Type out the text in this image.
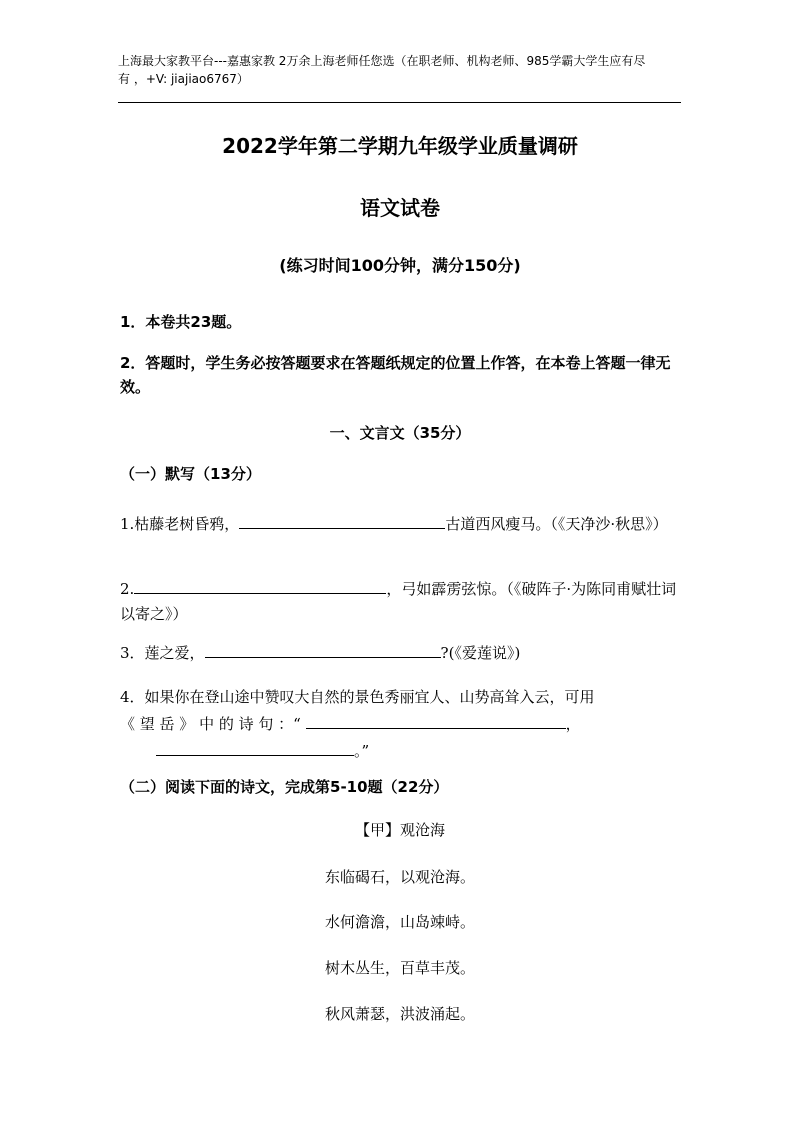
上海最大家教平台---嘉惠家教 2万余上海老师任您选（在职老师、机构老师、985学霸大学生应有尽
有 ，+V: jiajiao6767）
2022学年第二学期九年级学业质量调研
语文试卷
(练习时间100分钟，满分150分)
1．本卷共23题。
2．答题时，学生务必按答题要求在答题纸规定的位置上作答，在本卷上答题一律无效。
一、文言文（35分）
（一）默写（13分）
1.枯藤老树昏鸦，	古道西风瘦马。（《天净沙·秋思》）
2.	，弓如霹雳弦惊。（《破阵子·为陈同甫赋壮词以寄之》）
3．莲之爱，	?(《爱莲说》)
4．如果你在登山途中赞叹大自然的景色秀丽宜人、山势高耸入云，可用
《 望 岳 》 中 的 诗 句 ：“	，
。”
（二）阅读下面的诗文，完成第5-10题（22分）
【甲】观沧海
东临碣石，以观沧海。
水何澹澹，山岛竦峙。
树木丛生，百草丰茂。
秋风萧瑟，洪波涌起。
